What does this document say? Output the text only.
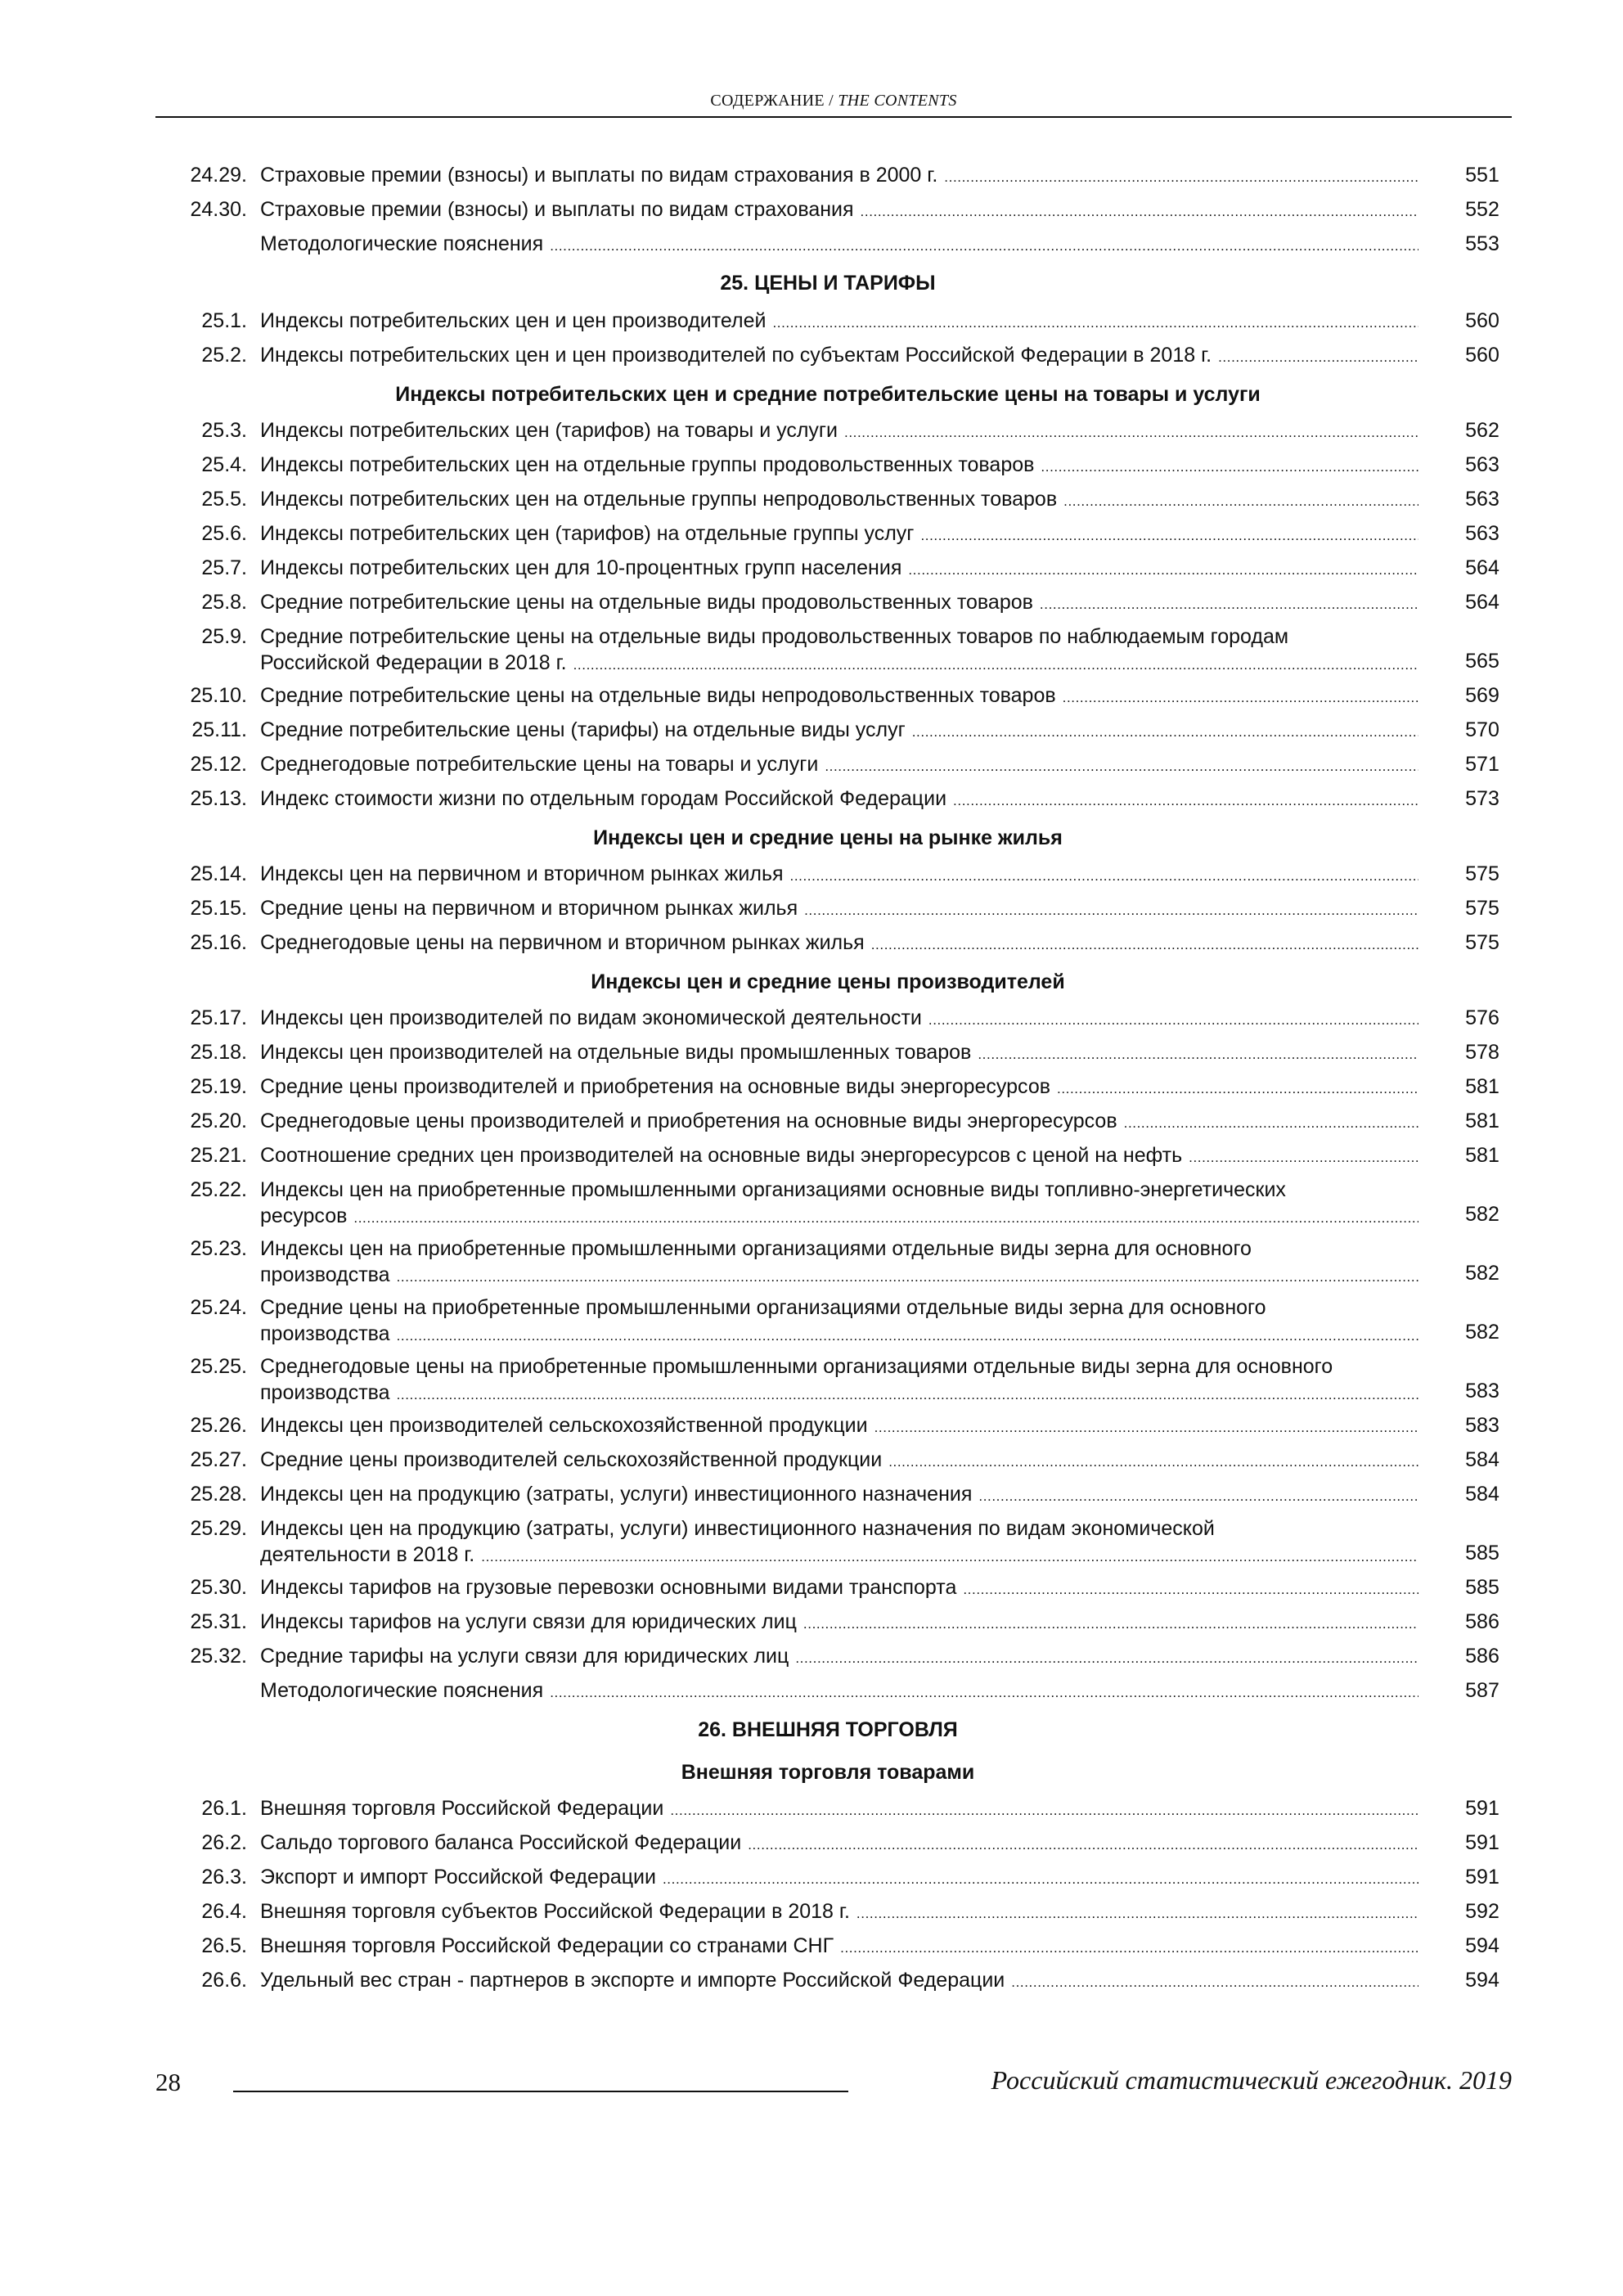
СОДЕРЖАНИЕ / THE CONTENTS
24.29. Страховые премии (взносы) и выплаты по видам страхования в 2000 г. .....	551
24.30. Страховые премии (взносы) и выплаты по видам страхования .....	552
Методологические пояснения .....	553
25. ЦЕНЫ И ТАРИФЫ
25.1. Индексы потребительских цен и цен производителей .....	560
25.2. Индексы потребительских цен и цен производителей по субъектам Российской Федерации в 2018 г. .....	560
Индексы потребительских цен и средние потребительские цены на товары и услуги
25.3. Индексы потребительских цен (тарифов) на товары и услуги .....	562
25.4. Индексы потребительских цен на отдельные группы продовольственных товаров .....	563
25.5. Индексы потребительских цен на отдельные группы непродовольственных товаров .....	563
25.6. Индексы потребительских цен (тарифов) на отдельные группы услуг .....	563
25.7. Индексы потребительских цен для 10-процентных групп населения .....	564
25.8. Средние потребительские цены на отдельные виды продовольственных товаров .....	564
25.9. Средние потребительские цены на отдельные виды продовольственных товаров по наблюдаемым городам
Российской Федерации в 2018 г. .....	565
25.10. Средние потребительские цены на отдельные виды непродовольственных товаров .....	569
25.11. Средние потребительские цены (тарифы) на отдельные виды услуг .....	570
25.12. Среднегодовые потребительские цены на товары и услуги .....	571
25.13. Индекс стоимости жизни по отдельным городам Российской Федерации .....	573
Индексы цен и средние цены на рынке жилья
25.14. Индексы цен на первичном и вторичном рынках жилья .....	575
25.15. Средние цены на первичном и вторичном рынках жилья .....	575
25.16. Среднегодовые цены на первичном и вторичном рынках жилья .....	575
Индексы цен и средние цены производителей
25.17. Индексы цен производителей по видам экономической деятельности .....	576
25.18. Индексы цен производителей на отдельные виды промышленных товаров .....	578
25.19. Средние цены производителей и приобретения на основные виды энергоресурсов .....	581
25.20. Среднегодовые цены производителей и приобретения на основные виды энергоресурсов .....	581
25.21. Соотношение средних цен производителей на основные виды энергоресурсов с ценой на нефть .....	581
25.22. Индексы цен на приобретенные промышленными организациями основные виды топливно-энергетических
ресурсов .....	582
25.23. Индексы цен на приобретенные промышленными организациями отдельные виды зерна для основного
производства .....	582
25.24. Средние цены на приобретенные промышленными организациями отдельные виды зерна для основного
производства .....	582
25.25. Среднегодовые цены на приобретенные промышленными организациями отдельные виды зерна для основного
производства .....	583
25.26. Индексы цен производителей сельскохозяйственной продукции .....	583
25.27. Средние цены производителей сельскохозяйственной продукции .....	584
25.28. Индексы цен на продукцию (затраты, услуги) инвестиционного назначения .....	584
25.29. Индексы цен на продукцию (затраты, услуги) инвестиционного назначения по видам экономической
деятельности в 2018 г. .....	585
25.30. Индексы тарифов на грузовые перевозки основными видами транспорта .....	585
25.31. Индексы тарифов на услуги связи для юридических лиц .....	586
25.32. Средние тарифы на услуги связи для юридических лиц .....	586
Методологические пояснения .....	587
26. ВНЕШНЯЯ ТОРГОВЛЯ
Внешняя торговля товарами
26.1. Внешняя торговля Российской Федерации .....	591
26.2. Сальдо торгового баланса Российской Федерации .....	591
26.3. Экспорт и импорт Российской Федерации .....	591
26.4. Внешняя торговля субъектов Российской Федерации в 2018 г. .....	592
26.5. Внешняя торговля Российской Федерации со странами СНГ .....	594
26.6. Удельный вес стран - партнеров в экспорте и импорте Российской Федерации .....	594
28	Российский статистический ежегодник. 2019
